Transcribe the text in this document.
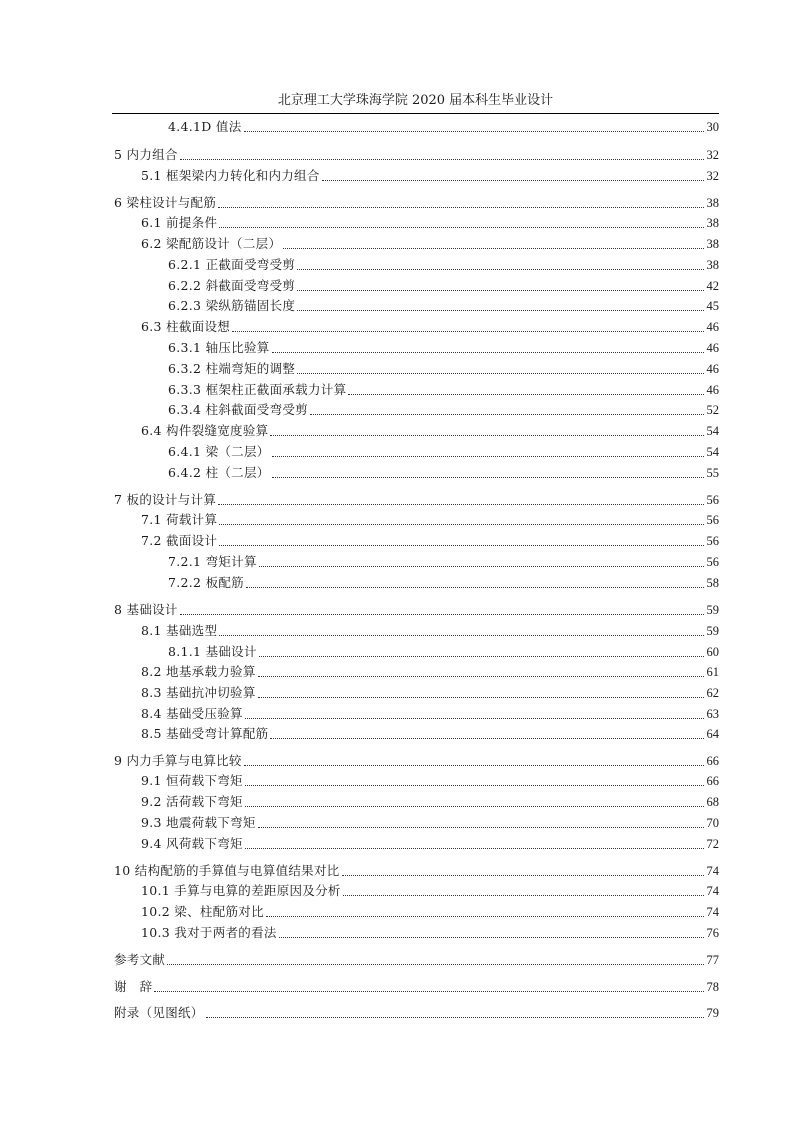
北京理工大学珠海学院 2020 届本科生毕业设计
4.4.1D 值法	30
5 内力组合	32
5.1 框架梁内力转化和内力组合	32
6 梁柱设计与配筋	38
6.1 前提条件	38
6.2 梁配筋设计（二层）	38
6.2.1 正截面受弯受剪	38
6.2.2 斜截面受弯受剪	42
6.2.3 梁纵筋锚固长度	45
6.3 柱截面设想	46
6.3.1 轴压比验算	46
6.3.2 柱端弯矩的调整	46
6.3.3 框架柱正截面承载力计算	46
6.3.4 柱斜截面受弯受剪	52
6.4 构件裂缝宽度验算	54
6.4.1 梁（二层）	54
6.4.2 柱（二层）	55
7 板的设计与计算	56
7.1 荷载计算	56
7.2 截面设计	56
7.2.1 弯矩计算	56
7.2.2 板配筋	58
8 基础设计	59
8.1 基础选型	59
8.1.1 基础设计	60
8.2 地基承载力验算	61
8.3 基础抗冲切验算	62
8.4 基础受压验算	63
8.5 基础受弯计算配筋	64
9 内力手算与电算比较	66
9.1 恒荷载下弯矩	66
9.2 活荷载下弯矩	68
9.3 地震荷载下弯矩	70
9.4 风荷载下弯矩	72
10 结构配筋的手算值与电算值结果对比	74
10.1 手算与电算的差距原因及分析	74
10.2 梁、柱配筋对比	74
10.3 我对于两者的看法	76
参考文献	77
谢　辞	78
附录（见图纸）	79
